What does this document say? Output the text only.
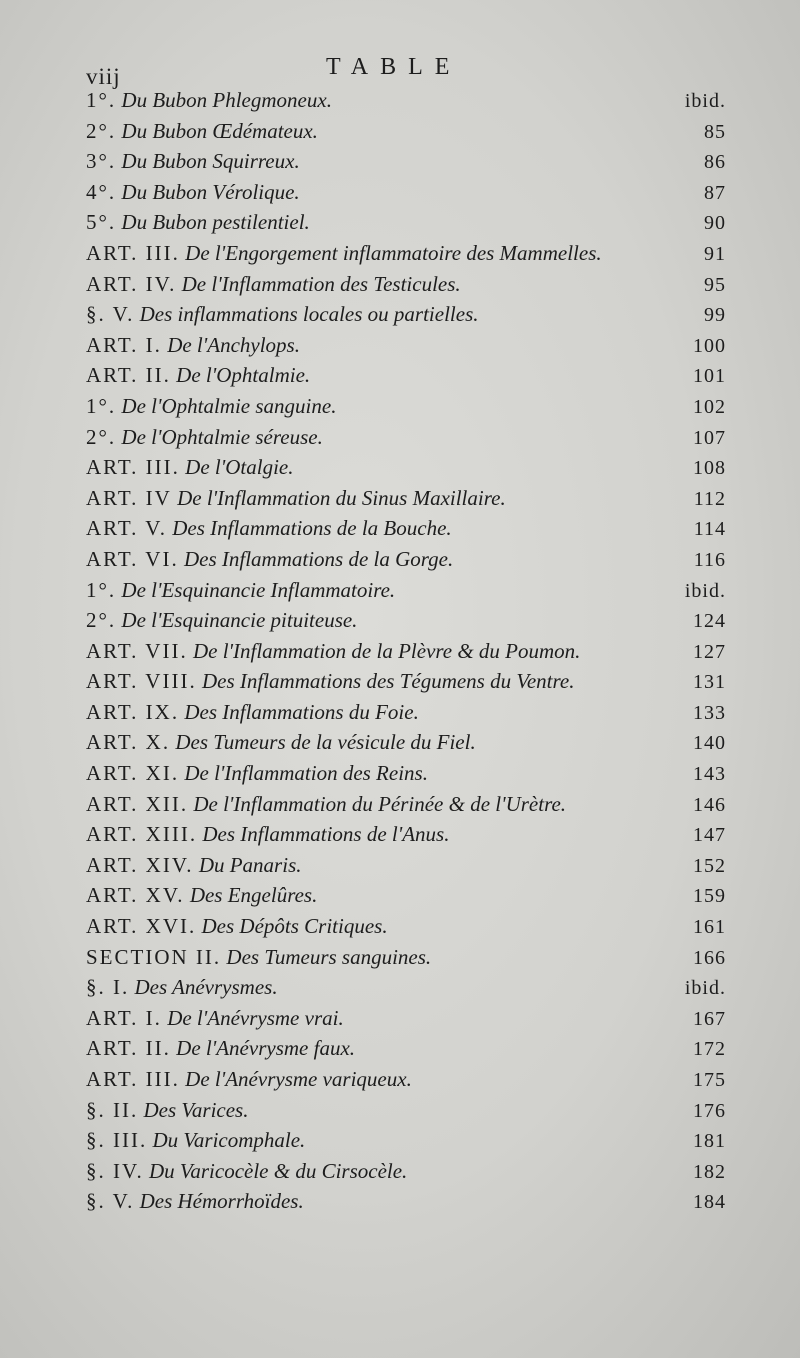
viij	TABLE
1°. Du Bubon Phlegmoneux.	ibid.
2°. Du Bubon Œdémateux.	85
3°. Du Bubon Squirreux.	86
4°. Du Bubon Vérolique.	87
5°. Du Bubon pestilentiel.	90
ART. III. De l'Engorgement inflammatoire des Mammelles.	91
ART. IV. De l'Inflammation des Testicules.	95
§. V. Des inflammations locales ou partielles.	99
ART. I. De l'Anchylops.	100
ART. II. De l'Ophtalmie.	101
1°. De l'Ophtalmie sanguine.	102
2°. De l'Ophtalmie séreuse.	107
ART. III. De l'Otalgie.	108
ART. IV De l'Inflammation du Sinus Maxillaire.	112
ART. V. Des Inflammations de la Bouche.	114
ART. VI. Des Inflammations de la Gorge.	116
1°. De l'Esquinancie Inflammatoire.	ibid.
2°. De l'Esquinancie pituiteuse.	124
ART. VII. De l'Inflammation de la Plèvre & du Poumon.	127
ART. VIII. Des Inflammations des Tégumens du Ventre.	131
ART. IX. Des Inflammations du Foie.	133
ART. X. Des Tumeurs de la vésicule du Fiel.	140
ART. XI. De l'Inflammation des Reins.	143
ART. XII. De l'Inflammation du Périnée & de l'Urètre.	146
ART. XIII. Des Inflammations de l'Anus.	147
ART. XIV. Du Panaris.	152
ART. XV. Des Engelûres.	159
ART. XVI. Des Dépôts Critiques.	161
SECTION II. Des Tumeurs sanguines.	166
§. I. Des Anévrysmes.	ibid.
ART. I. De l'Anévrysme vrai.	167
ART. II. De l'Anévrysme faux.	172
ART. III. De l'Anévrysme variqueux.	175
§. II. Des Varices.	176
§. III. Du Varicomphale.	181
§. IV. Du Varicocèle & du Cirsocèle.	182
§. V. Des Hémorrhoïdes.	184
